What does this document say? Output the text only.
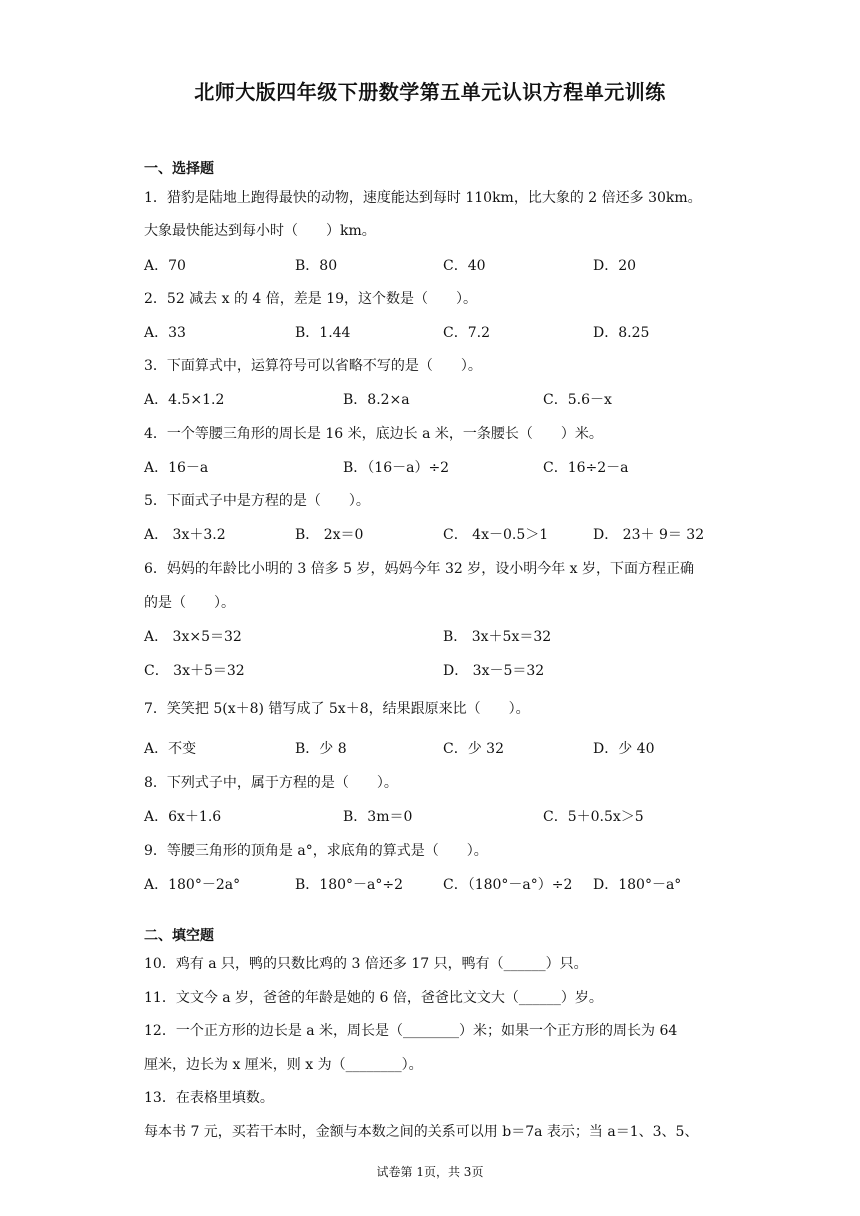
北师大版四年级下册数学第五单元认识方程单元训练
一、选择题
1．猎豹是陆地上跑得最快的动物，速度能达到每时 110km，比大象的 2 倍还多 30km。
大象最快能达到每小时（　　）km。
A．70	B．80	C．40	D．20
2．52 减去 x 的 4 倍，差是 19，这个数是（　　）。
A．33	B．1.44	C．7.2	D．8.25
3．下面算式中，运算符号可以省略不写的是（　　）。
A．4.5×1.2	B．8.2×a	C．5.6－x
4．一个等腰三角形的周长是 16 米，底边长 a 米，一条腰长（　　）米。
A．16－a	B．（16－a）÷2	C．16÷2－a
5．下面式子中是方程的是（　　）。
A． 3x＋3.2	B． 2x＝0	C． 4x－0.5＞1	D． 23＋ 9＝ 32
6．妈妈的年龄比小明的 3 倍多 5 岁，妈妈今年 32 岁，设小明今年 x 岁，下面方程正确
的是（　　）。
A． 3x×5＝32	B． 3x＋5x＝32
C． 3x＋5＝32	D． 3x－5＝32
7．笑笑把 5(x＋8) 错写成了 5x＋8，结果跟原来比（　　）。
A．不变	B．少 8	C．少 32	D．少 40
8．下列式子中，属于方程的是（　　）。
A．6x＋1.6	B．3m＝0	C．5＋0.5x＞5
9．等腰三角形的顶角是 a°，求底角的算式是（　　）。
A．180°－2a°	B．180°－a°÷2	C．（180°－a°）÷2 D．180°－a°
二、填空题
10．鸡有 a 只，鸭的只数比鸡的 3 倍还多 17 只，鸭有（______）只。
11．文文今 a 岁，爸爸的年龄是她的 6 倍，爸爸比文文大（______）岁。
12．一个正方形的边长是 a 米，周长是（________）米；如果一个正方形的周长为 64
厘米，边长为 x 厘米，则 x 为（________）。
13．在表格里填数。
每本书 7 元，买若干本时，金额与本数之间的关系可以用 b＝7a 表示；当 a＝1、3、5、
试卷第 1页，共 3页
